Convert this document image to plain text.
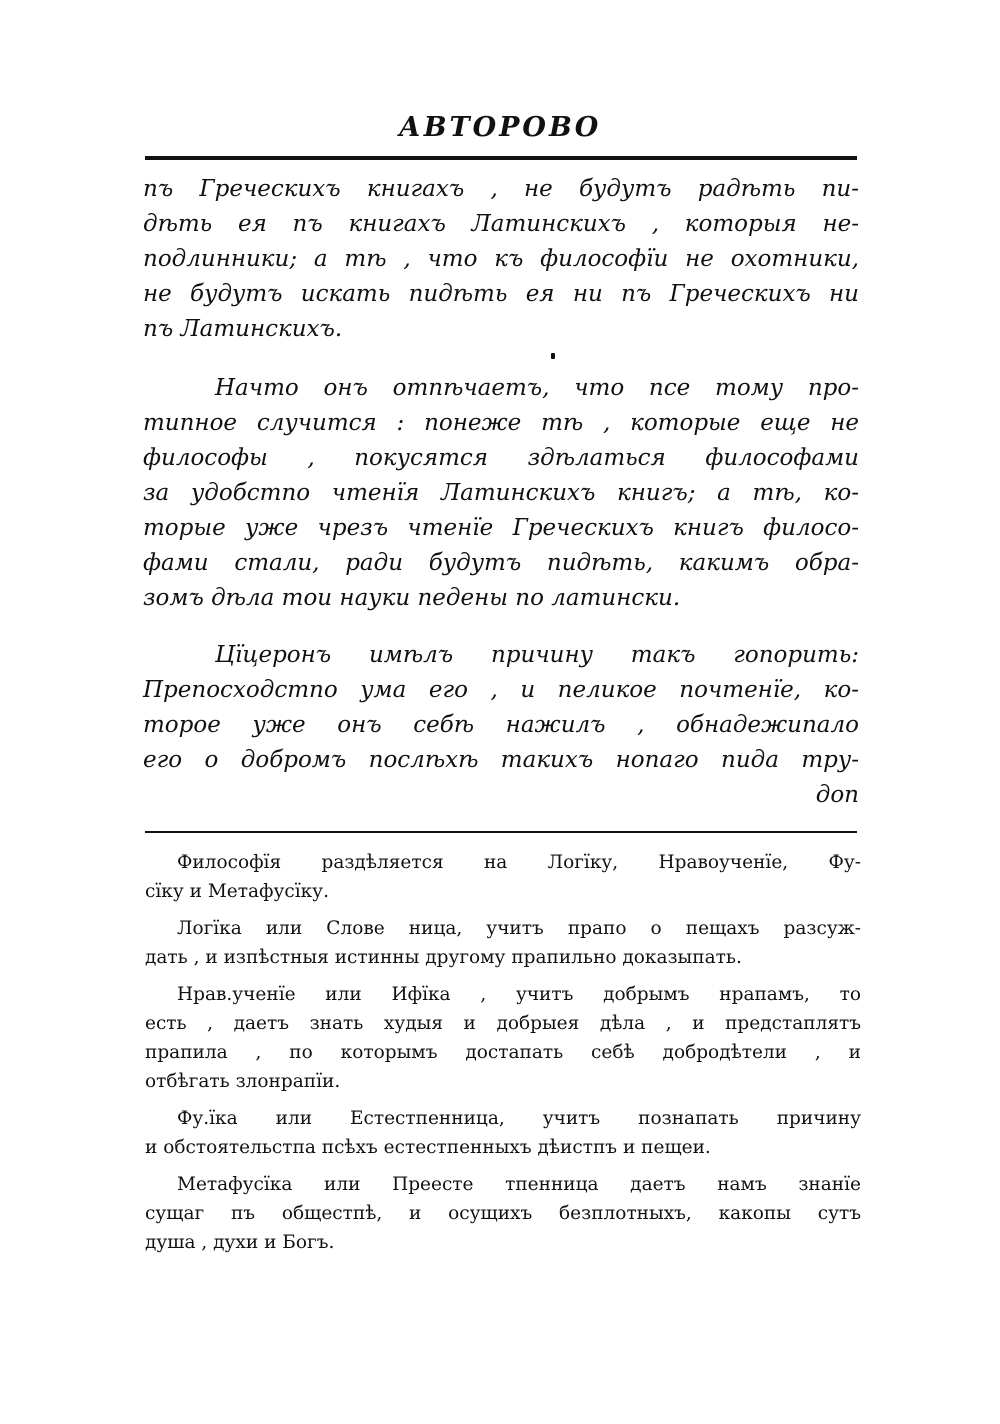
АВТОРОВО
пъ Греческихъ книгахъ , не будутъ радѣть пи-
дѣть ея пъ книгахъ Латинскихъ , которыя не-
подлинники; а тѣ , что къ философїи не охотники,
не будутъ искать пидѣть ея ни пъ Греческихъ ни
пъ Латинскихъ.
Начто онъ отпѣчаетъ, что псе тому про-
типное случится : понеже тѣ , которые еще не
философы , покусятся здѣлаться философами
за удобстпо чтенїя Латинскихъ книгъ; а тѣ, ко-
торые уже чрезъ чтенїе Греческихъ книгъ филосо-
фами стали, ради будутъ пидѣть, какимъ обра-
зомъ дѣла тои науки педены по латински.
Цїцеронъ имѣлъ причину такъ гопорить:
Препосходстпо ума его , и пеликое почтенїе, ко-
торое уже онъ себѣ нажилъ , обнадежипало
его о добромъ послѣхѣ такихъ нопаго пида тру-
доп
Философїя раздѣляется на Логїку, Нравоученїе, Фу-
сїку и Метафусїку.
Логїка или Слове ница, учитъ прапо о пещахъ разсуж-
дать , и изпѣстныя истинны другому прапильно доказыпать.
Нрав.ученїе или Ифїка , учитъ добрымъ нрапамъ, то
есть , даетъ знать худыя и добрыея дѣла , и предстаплятъ
прапила , по которымъ достапать себѣ добродѣтели , и
отбѣгать злонрапїи.
Фу.їка или Естестпенница, учитъ познапать причину
и обстоятельстпа псѣхъ естестпенныхъ дѣистпъ и пещеи.
Метафусїка или Преесте тпенница даетъ намъ знанїе
сущаг пъ общестпѣ, и осущихъ безплотныхъ, какопы сутъ
душа , духи и Богъ.
